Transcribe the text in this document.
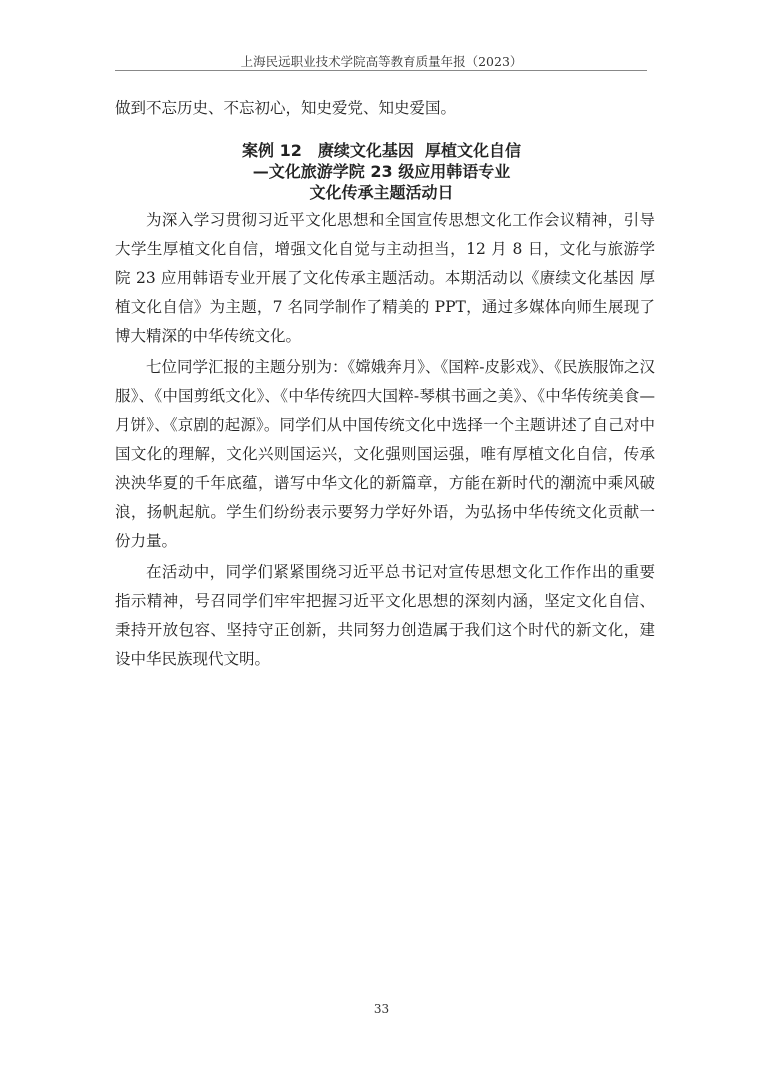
上海民远职业技术学院高等教育质量年报（2023）
做到不忘历史、不忘初心，知史爱党、知史爱国。
案例 12　赓续文化基因  厚植文化自信
—文化旅游学院 23 级应用韩语专业
文化传承主题活动日

为深入学习贯彻习近平文化思想和全国宣传思想文化工作会议精神，引导大学生厚植文化自信，增强文化自觉与主动担当，12 月 8 日，文化与旅游学院 23 应用韩语专业开展了文化传承主题活动。本期活动以《赓续文化基因 厚植文化自信》为主题，7 名同学制作了精美的 PPT，通过多媒体向师生展现了博大精深的中华传统文化。

七位同学汇报的主题分别为：《嫦娥奔月》、《国粹-皮影戏》、《民族服饰之汉服》、《中国剪纸文化》、《中华传统四大国粹-琴棋书画之美》、《中华传统美食—月饼》、《京剧的起源》。同学们从中国传统文化中选择一个主题讲述了自己对中国文化的理解，文化兴则国运兴，文化强则国运强，唯有厚植文化自信，传承泱泱华夏的千年底蕴，谱写中华文化的新篇章，方能在新时代的潮流中乘风破浪，扬帆起航。学生们纷纷表示要努力学好外语，为弘扬中华传统文化贡献一份力量。

在活动中，同学们紧紧围绕习近平总书记对宣传思想文化工作作出的重要指示精神，号召同学们牢牢把握习近平文化思想的深刻内涵，坚定文化自信、秉持开放包容、坚持守正创新，共同努力创造属于我们这个时代的新文化，建设中华民族现代文明。

33
